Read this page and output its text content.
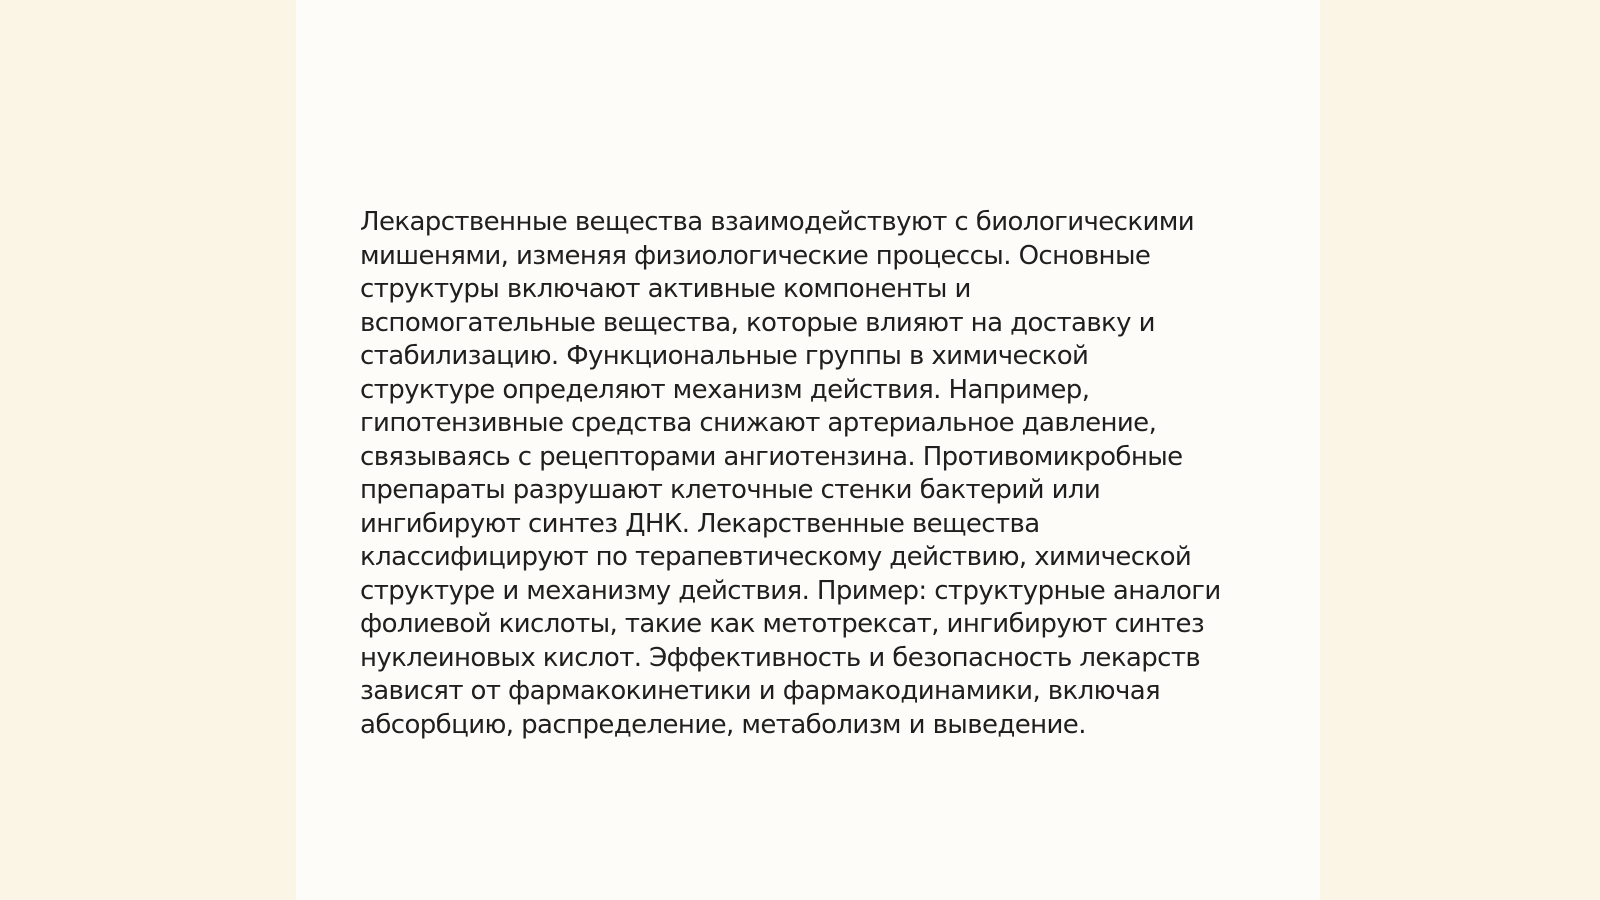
Лекарственные вещества взаимодействуют с биологическими
мишенями, изменяя физиологические процессы. Основные
структуры включают активные компоненты и
вспомогательные вещества, которые влияют на доставку и
стабилизацию. Функциональные группы в химической
структуре определяют механизм действия. Например,
гипотензивные средства снижают артериальное давление,
связываясь с рецепторами ангиотензина. Противомикробные
препараты разрушают клеточные стенки бактерий или
ингибируют синтез ДНК. Лекарственные вещества
классифицируют по терапевтическому действию, химической
структуре и механизму действия. Пример: структурные аналоги
фолиевой кислоты, такие как метотрексат, ингибируют синтез
нуклеиновых кислот. Эффективность и безопасность лекарств
зависят от фармакокинетики и фармакодинамики, включая
абсорбцию, распределение, метаболизм и выведение.
